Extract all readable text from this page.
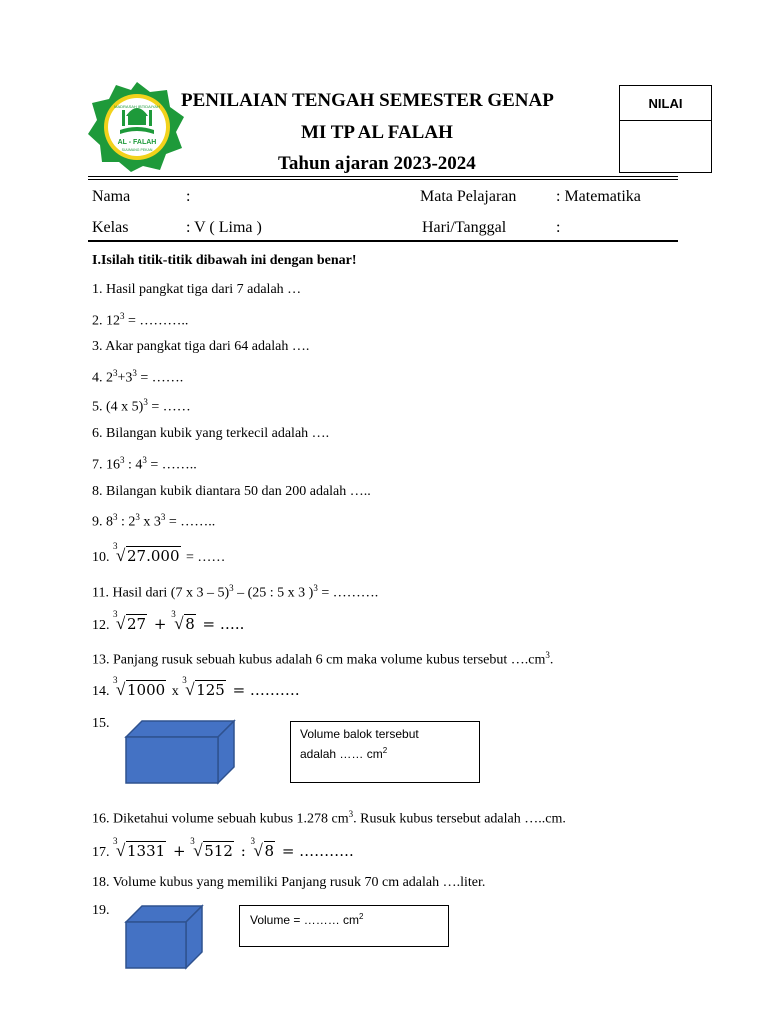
MADRASAH IBTIDAIYAH
AL - FALAH
SUUMANG PEKAN
PENILAIAN TENGAH SEMESTER GENAP
MI TP AL FALAH
Tahun ajaran 2023-2024
NILAI
Nama	:	Mata Pelajaran : Matematika
Kelas	: V ( Lima )	Hari/Tanggal	:
I.Isilah titik-titik dibawah ini dengan benar!
1. Hasil pangkat tiga dari 7 adalah …
2. $12^3$ = ………..
3. Akar pangkat tiga dari 64 adalah ….
4. $2^3+3^3$ = …….
5. (4 x 5)$^3$ = ……
6. Bilangan kubik yang terkecil adalah ….
7. $16^3$ : $4^3$ = ……..
8. Bilangan kubik diantara 50 dan 200 adalah …..
9. $8^3$ : $2^3$ x $3^3$ = ……..
10.
3
√ 27.000 = ……
11. Hasil dari (7 x 3 – 5)$^3$ – (25 : 5 x 3 )$^3$ = ……….
12.
3
√ 27 +
3
√ 8 = …..
13. Panjang rusuk sebuah kubus adalah 6 cm maka volume kubus tersebut $\dots.cm^3$.
14.
3
√ 1000 x
3
√ 125 = ……….
15.
Volume balok tersebut
adalah …… $cm^2$
16. Diketahui volume sebuah kubus 1.278 $cm^3$. Rusuk kubus tersebut adalah …..cm.
17.
3
√ 1331 +
3
√ 512 :
3
√ 8 = ………..
18. Volume kubus yang memiliki Panjang rusuk 70 cm adalah ….liter.
19.
Volume = ……… $cm^2$
